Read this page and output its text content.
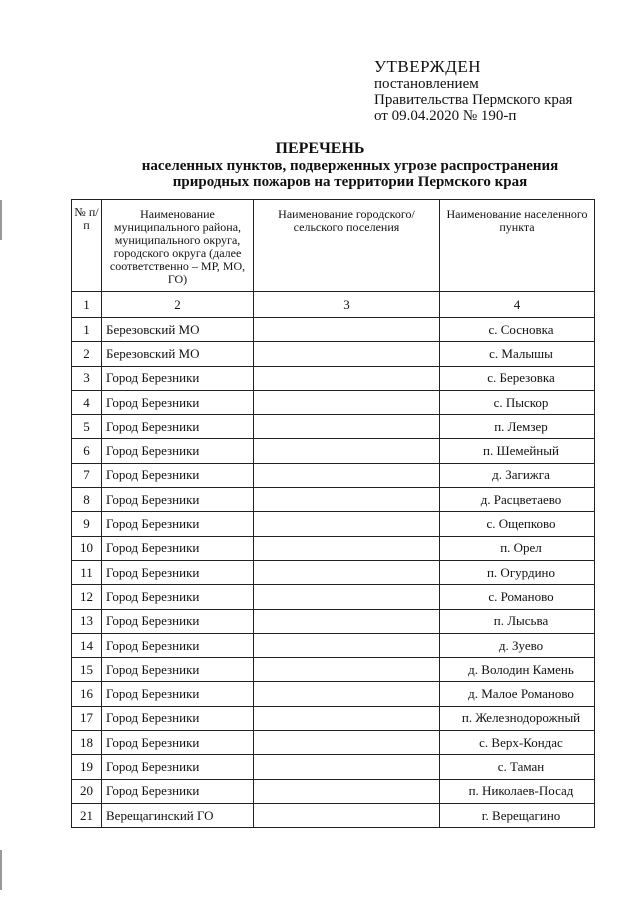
УТВЕРЖДЕН
постановлением
Правительства Пермского края
от 09.04.2020 № 190-п
ПЕРЕЧЕНЬ
населенных пунктов, подверженных угрозе распространения
природных пожаров на территории Пермского края
№ п/п	Наименование муниципального района, муниципального округа, городского округа (далее соответственно – МР, МО, ГО)	Наименование городского/сельского поселения	Наименование населенного пункта
1	2	3	4
1	Березовский МО		с. Сосновка
2	Березовский МО		с. Малышы
3	Город Березники		с. Березовка
4	Город Березники		с. Пыскор
5	Город Березники		п. Лемзер
6	Город Березники		п. Шемейный
7	Город Березники		д. Загижга
8	Город Березники		д. Расцветаево
9	Город Березники		с. Ощепково
10	Город Березники		п. Орел
11	Город Березники		п. Огурдино
12	Город Березники		с. Романово
13	Город Березники		п. Лысьва
14	Город Березники		д. Зуево
15	Город Березники		д. Володин Камень
16	Город Березники		д. Малое Романово
17	Город Березники		п. Железнодорожный
18	Город Березники		с. Верх-Кондас
19	Город Березники		с. Таман
20	Город Березники		п. Николаев-Посад
21	Верещагинский ГО		г. Верещагино
